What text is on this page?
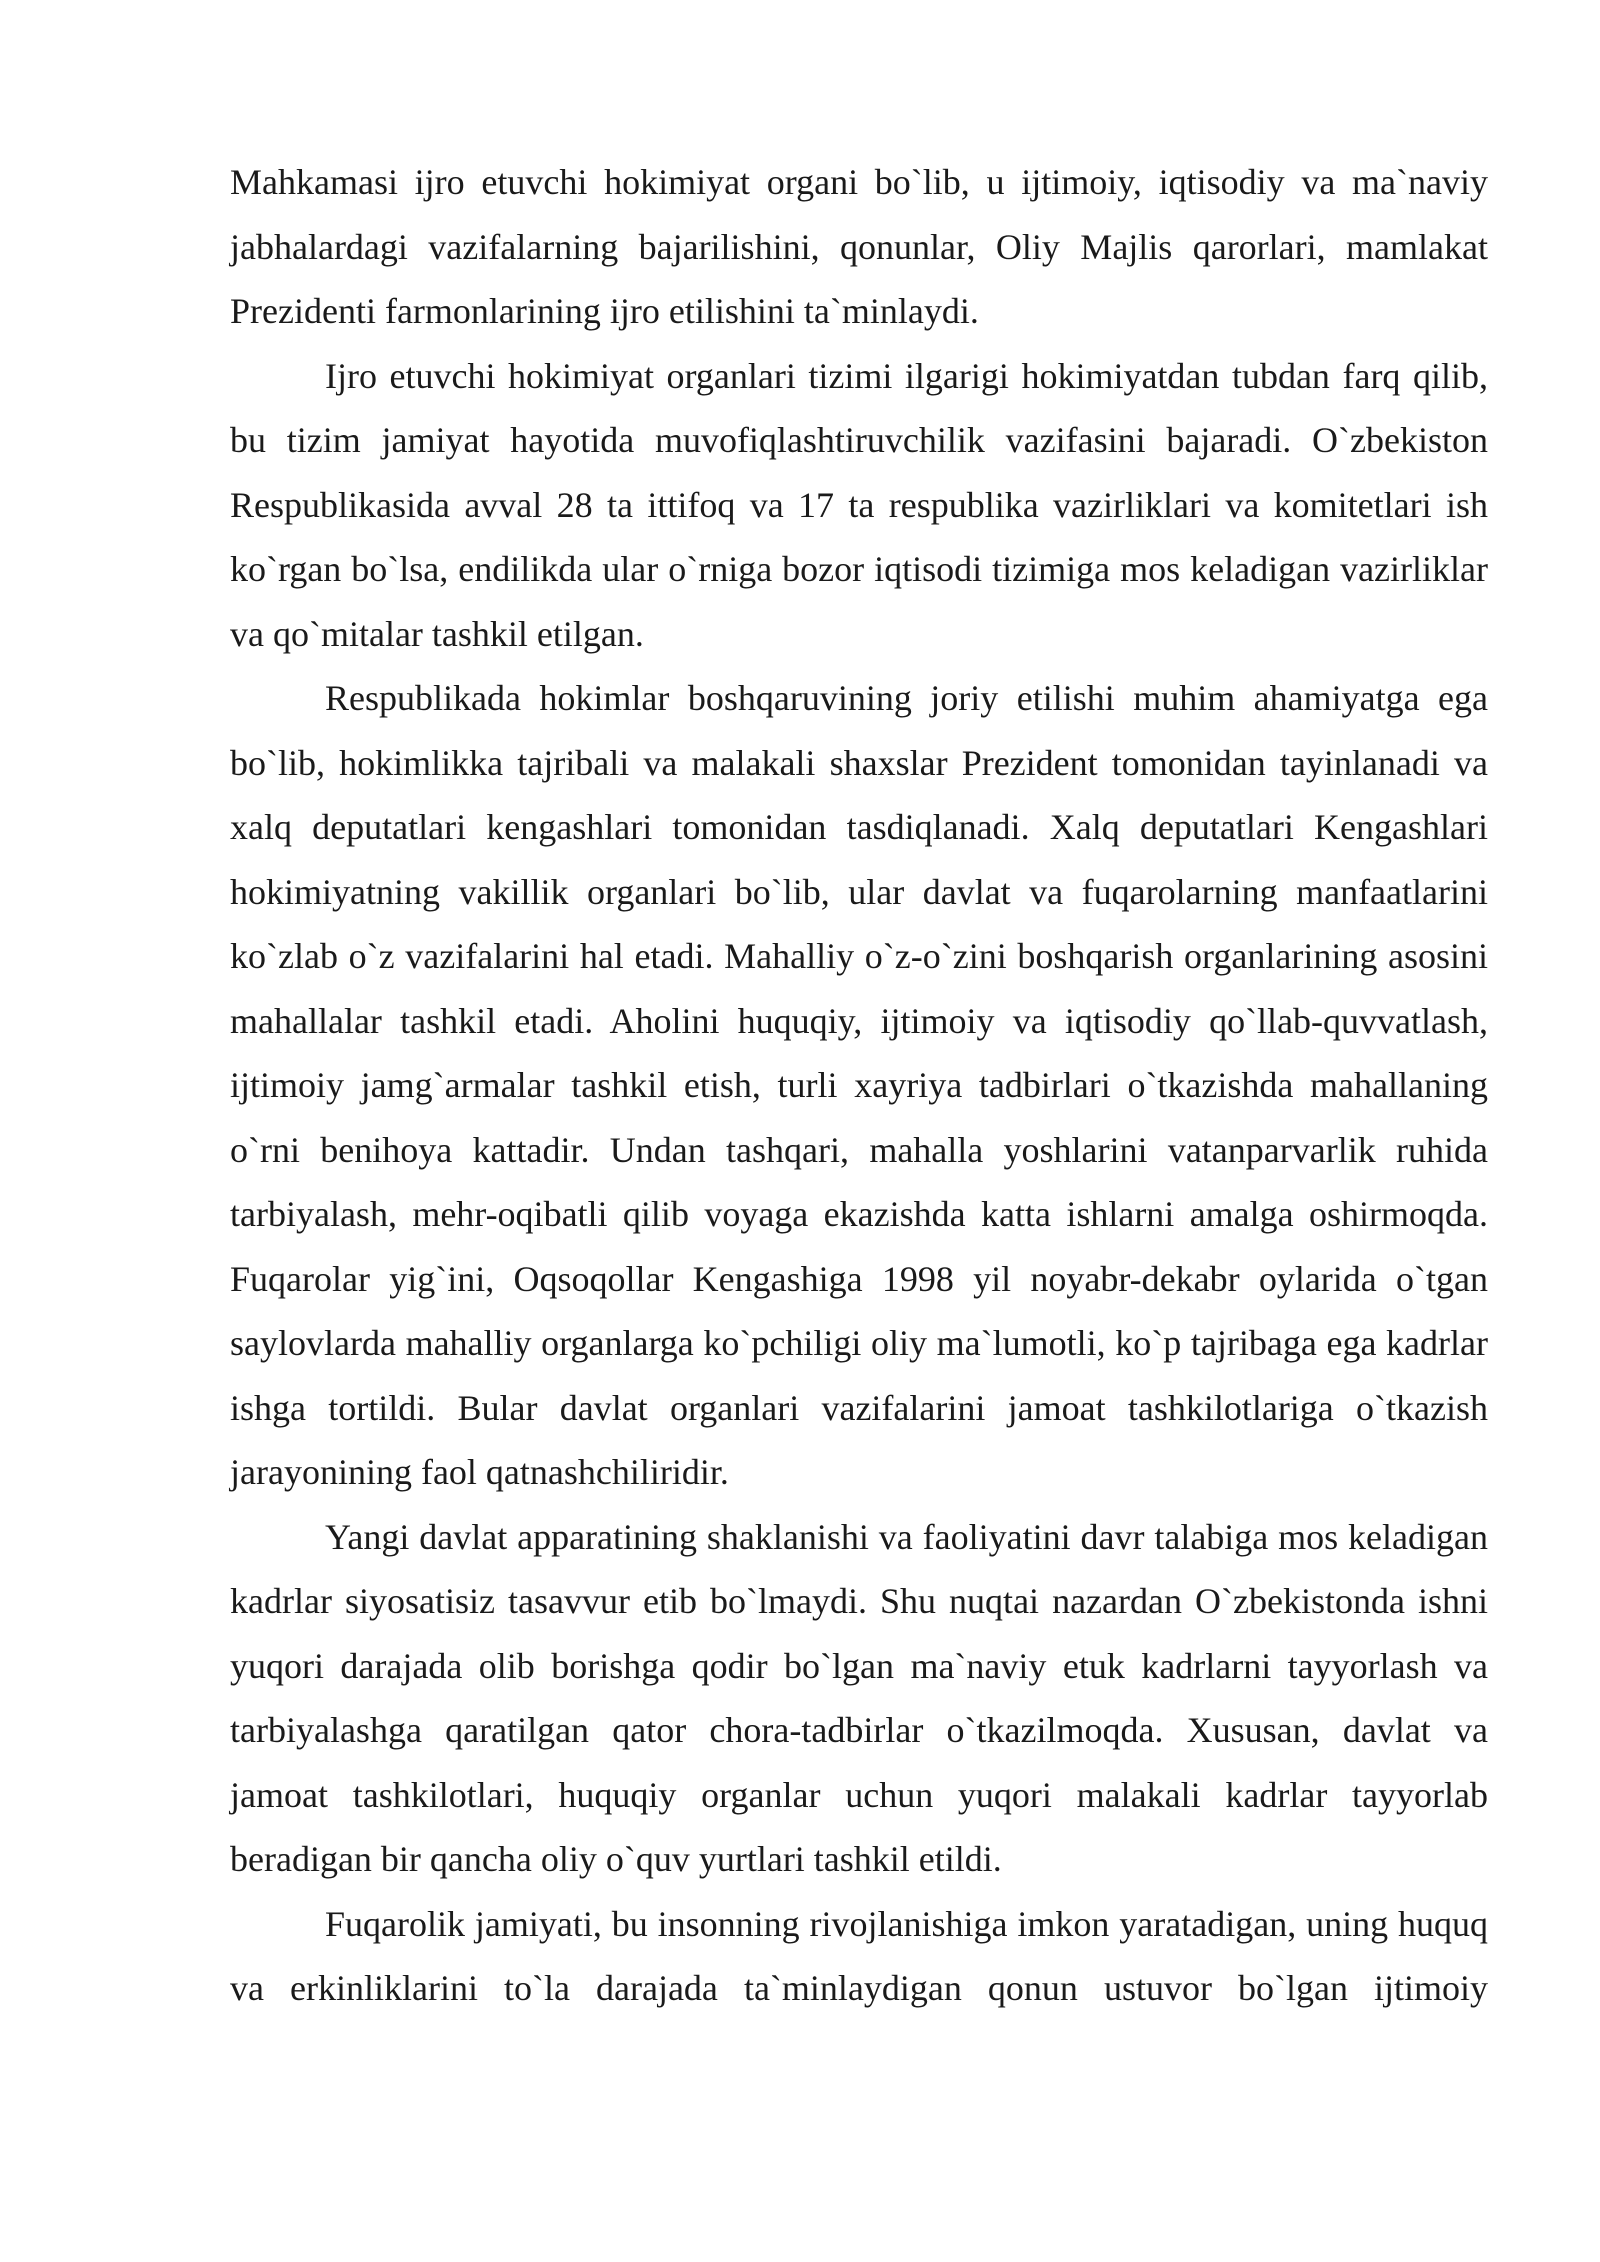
Mahkamasi ijro etuvchi hokimiyat organi bo`lib, u ijtimoiy, iqtisodiy va ma`naviy jabhalardagi vazifalarning bajarilishini, qonunlar, Oliy Majlis qarorlari, mamlakat Prezidenti farmonlarining ijro etilishini ta`minlaydi.

Ijro etuvchi hokimiyat organlari tizimi ilgarigi hokimiyatdan tubdan farq qilib, bu tizim jamiyat hayotida muvofiqlashtiruvchilik vazifasini bajaradi. O`zbekiston Respublikasida avval 28 ta ittifoq va 17 ta respublika vazirliklari va komitetlari ish ko`rgan bo`lsa, endilikda ular o`rniga bozor iqtisodi tizimiga mos keladigan vazirliklar va qo`mitalar tashkil etilgan.

Respublikada hokimlar boshqaruvining joriy etilishi muhim ahamiyatga ega bo`lib, hokimlikka tajribali va malakali shaxslar Prezident tomonidan tayinlanadi va xalq deputatlari kengashlari tomonidan tasdiqlanadi. Xalq deputatlari Kengashlari hokimiyatning vakillik organlari bo`lib, ular davlat va fuqarolarning manfaatlarini ko`zlab o`z vazifalarini hal etadi. Mahalliy o`z-o`zini boshqarish organlarining asosini mahallalar tashkil etadi. Aholini huquqiy, ijtimoiy va iqtisodiy qo`llab-quvvatlash, ijtimoiy jamg`armalar tashkil etish, turli xayriya tadbirlari o`tkazishda mahallaning o`rni benihoya kattadir. Undan tashqari, mahalla yoshlarini vatanparvarlik ruhida tarbiyalash, mehr-oqibatli qilib voyaga ekazishda katta ishlarni amalga oshirmoqda. Fuqarolar yig`ini, Oqsoqollar Kengashiga 1998 yil noyabr-dekabr oylarida o`tgan saylovlarda mahalliy organlarga ko`pchiligi oliy ma`lumotli, ko`p tajribaga ega kadrlar ishga tortildi. Bular davlat organlari vazifalarini jamoat tashkilotlariga o`tkazish jarayonining faol qatnashchiliridir.

Yangi davlat apparatining shaklanishi va faoliyatini davr talabiga mos keladigan kadrlar siyosatisiz tasavvur etib bo`lmaydi. Shu nuqtai nazardan O`zbekistonda ishni yuqori darajada olib borishga qodir bo`lgan ma`naviy etuk kadrlarni tayyorlash va tarbiyalashga qaratilgan qator chora-tadbirlar o`tkazilmoqda. Xususan, davlat va jamoat tashkilotlari, huquqiy organlar uchun yuqori malakali kadrlar tayyorlab beradigan bir qancha oliy o`quv yurtlari tashkil etildi.

Fuqarolik jamiyati, bu insonning rivojlanishiga imkon yaratadigan, uning huquq va erkinliklarini to`la darajada ta`minlaydigan qonun ustuvor bo`lgan ijtimoiy
